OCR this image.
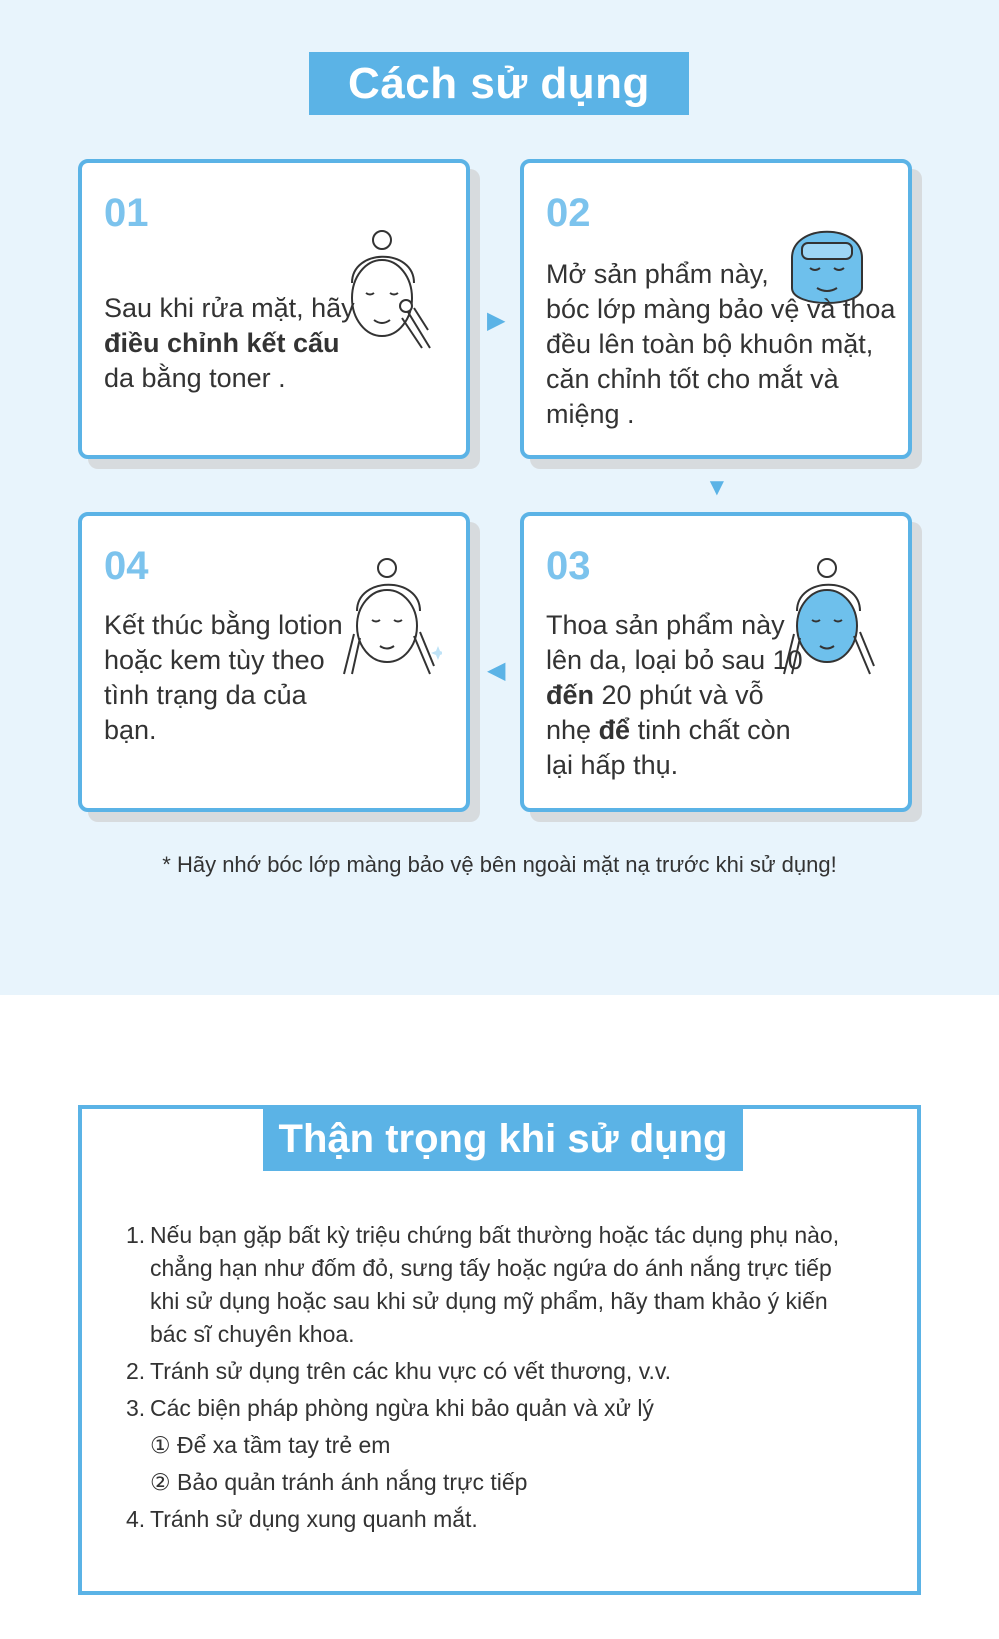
Cách sử dụng
01
Sau khi rửa mặt, hãy
điều chỉnh kết cấu
da bằng toner .
02
Mở sản phẩm này,
bóc lớp màng bảo vệ và thoa
đều lên toàn bộ khuôn mặt,
căn chỉnh tốt cho mắt và
miệng .
04
Kết thúc bằng lotion
hoặc kem tùy theo
tình trạng da của
bạn.
03
Thoa sản phẩm này
lên da, loại bỏ sau 10
đến 20 phút và vỗ
nhẹ để tinh chất còn
lại hấp thụ.
▶
▼
◀
* Hãy nhớ bóc lớp màng bảo vệ bên ngoài mặt nạ trước khi sử dụng!
Thận trọng khi sử dụng
1. Nếu bạn gặp bất kỳ triệu chứng bất thường hoặc tác dụng phụ nào, chẳng hạn như đốm đỏ, sưng tấy hoặc ngứa do ánh nắng trực tiếp khi sử dụng hoặc sau khi sử dụng mỹ phẩm, hãy tham khảo ý kiến bác sĩ chuyên khoa.
2. Tránh sử dụng trên các khu vực có vết thương, v.v.
3. Các biện pháp phòng ngừa khi bảo quản và xử lý
① Để xa tầm tay trẻ em
② Bảo quản tránh ánh nắng trực tiếp
4. Tránh sử dụng xung quanh mắt.
